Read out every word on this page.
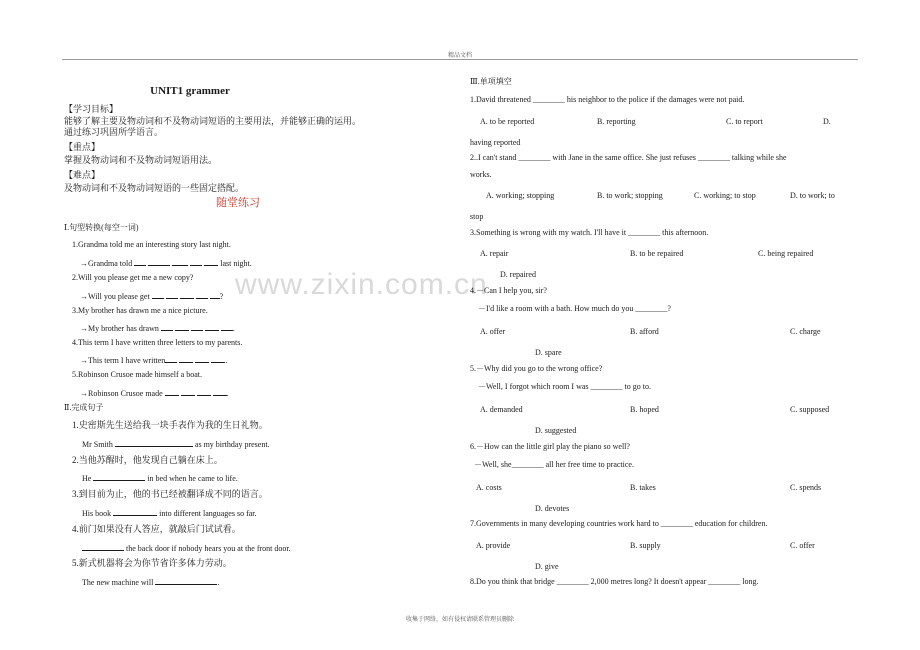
精品文档
www.zixin.com.cn
UNIT1 grammer
【学习目标】
能够了解主要及物动词和不及物动词短语的主要用法，并能够正确的运用。
通过练习巩固所学语言。
【重点】
掌握及物动词和不及物动词短语用法。
【难点】
及物动词和不及物动词短语的一些固定搭配。
随堂练习
Ⅰ.句型转换(每空一词)
1.Grandma told me an interesting story last night.
→Grandma told	last night.
2.Will you please get me a new copy?
→Will you please get	?
3.My brother has drawn me a nice picture.
→My brother has drawn	.
4.This term I have written three letters to my parents.
→This term I have written	.
5.Robinson Crusoe made himself a boat.
→Robinson Crusoe made	.
Ⅱ.完成句子
1.史密斯先生送给我一块手表作为我的生日礼物。
Mr Smith	as my birthday present.
2.当他苏醒时，他发现自己躺在床上。
He	in bed when he came to life.
3.到目前为止，他的书已经被翻译成不同的语言。
His book	into different languages so far.
4.前门如果没有人答应，就敲后门试试看。
the back door if nobody hears you at the front door.
5.新式机器将会为你节省许多体力劳动。
The new machine will	.
Ⅲ.单项填空
1.David threatened ________ his neighbor to the police if the damages were not paid.
A. to be reported	B. reporting	C. to report	D.
having reported
2..I can't stand ________ with Jane in the same office. She just refuses ________ talking while she
works.
A. working; stopping	B. to work; stopping	C. working; to stop	D. to work; to
stop
3.Something is wrong with my watch. I'll have it ________ this afternoon.
A. repair	B. to be repaired	C. being repaired
D. repaired
4.－Can I help you, sir?
－I'd like a room with a bath. How much do you ________?
A. offer	B. afford	C. charge
D. spare
5.－Why did you go to the wrong office?
－Well, I forgot which room I was ________ to go to.
A. demanded	B. hoped	C. supposed
D. suggested
6.－How can the little girl play the piano so well?
－Well, she________ all her free time to practice.
A. costs	B. takes	C. spends
D. devotes
7.Governments in many developing countries work hard to ________ education for children.
A. provide	B. supply	C. offer
D. give
8.Do you think that bridge ________ 2,000 metres long? It doesn't appear ________ long.
收集于网络，如有侵权请联系管理员删除
